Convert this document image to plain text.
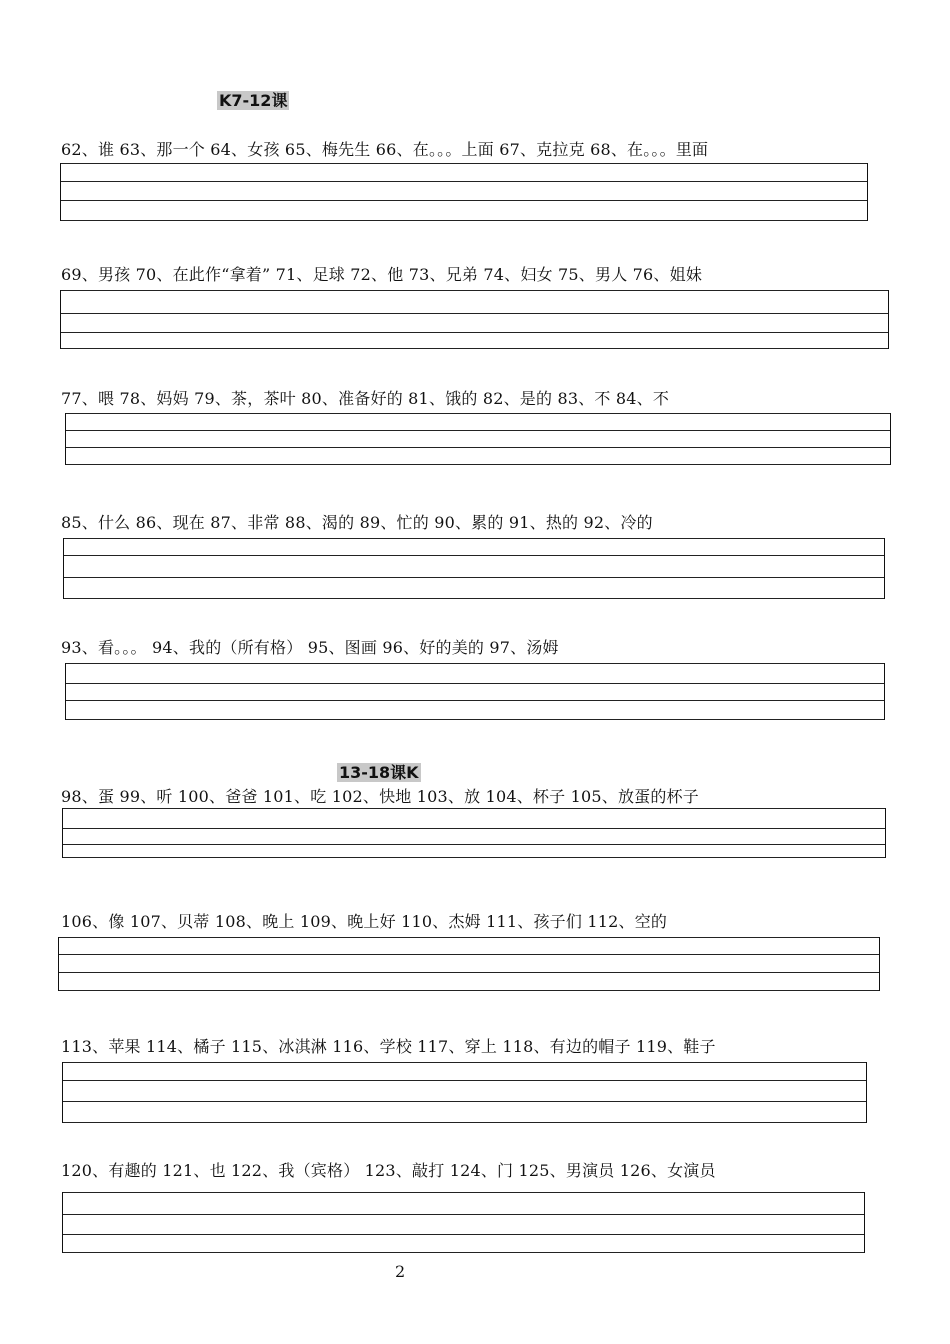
K7-12课
62、谁 63、那一个 64、女孩 65、梅先生 66、在。。。上面 67、克拉克 68、在。。。里面
69、男孩 70、在此作“拿着” 71、足球 72、他 73、兄弟 74、妇女 75、男人 76、姐妹
77、喂 78、妈妈 79、茶，茶叶 80、准备好的 81、饿的 82、是的 83、不 84、不
85、什么 86、现在 87、非常 88、渴的 89、忙的 90、累的 91、热的 92、冷的
93、看。。。 94、我的（所有格） 95、图画 96、好的美的 97、汤姆
13-18课K
98、蛋 99、听 100、爸爸 101、吃 102、快地 103、放 104、杯子 105、放蛋的杯子
106、像 107、贝蒂 108、晚上 109、晚上好 110、杰姆 111、孩子们 112、空的
113、苹果 114、橘子 115、冰淇淋 116、学校 117、穿上 118、有边的帽子 119、鞋子
120、有趣的 121、也 122、我（宾格） 123、敲打 124、门 125、男演员 126、女演员
2
